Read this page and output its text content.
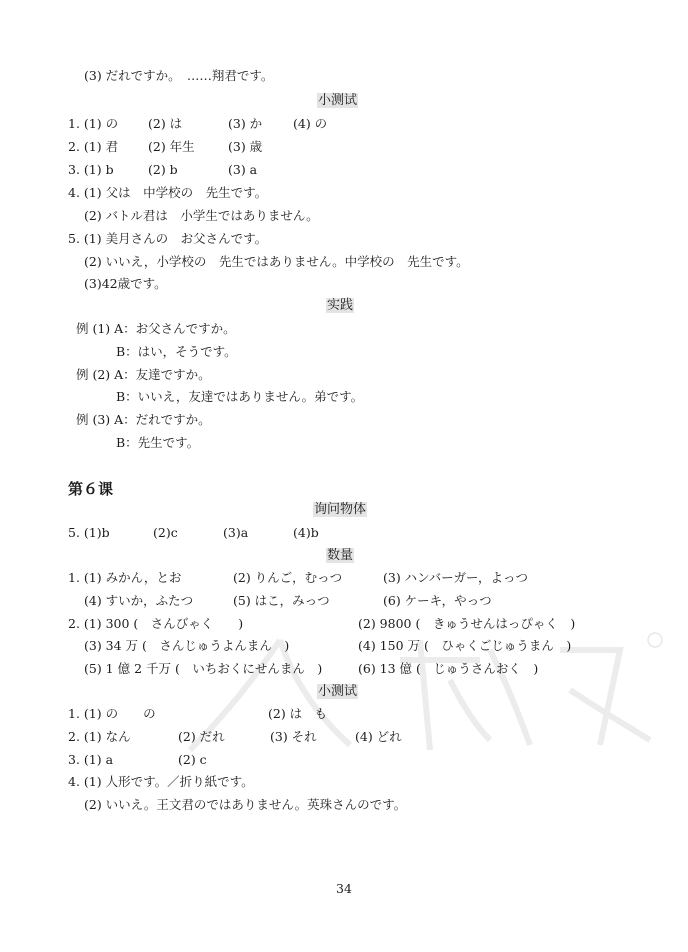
(3) だれですか。　……翔君です。
小测试
1. (1) の (2) は	(3) か (4) の
2. (1) 君 (2) 年生	(3) 歳
3. (1) b	(2) b	(3) a
4. (1) 父は　中学校の　先生です。
(2) バトル君は　小学生ではありません。
5. (1) 美月さんの　お父さんです。
(2) いいえ，小学校の　先生ではありません。中学校の　先生です。
(3)42歳です。
实践
例 (1) A：お父さんですか。
B：はい，そうです。
例 (2) A：友達ですか。
B：いいえ，友達ではありません。弟です。
例 (3) A：だれですか。
B：先生です。
第６课
询问物体
5. (1)b	(2)c	(3)a	(4)b
数量
1. (1) みかん，とお	(2) りんご，むっつ	(3) ハンバーガー，よっつ
(4) すいか，ふたつ	(5) はこ，みっつ	(6) ケーキ，やっつ
2. (1) 300 (　さんびゃく　　)	(2) 9800 (　きゅうせんはっぴゃく　)
(3) 34 万 (　さんじゅうよんまん　)	(4) 150 万 (　ひゃくごじゅうまん　)
(5) 1 億 2 千万 (　いちおくにせんまん　)	(6) 13 億 (　じゅうさんおく　)
小测试
1. (1) の　　の	(2) は　も
2. (1) なん	(2) だれ	(3) それ	(4) どれ
3. (1) a	(2) c
4. (1) 人形です。／折り紙です。
(2) いいえ。王文君のではありません。英珠さんのです。
34
